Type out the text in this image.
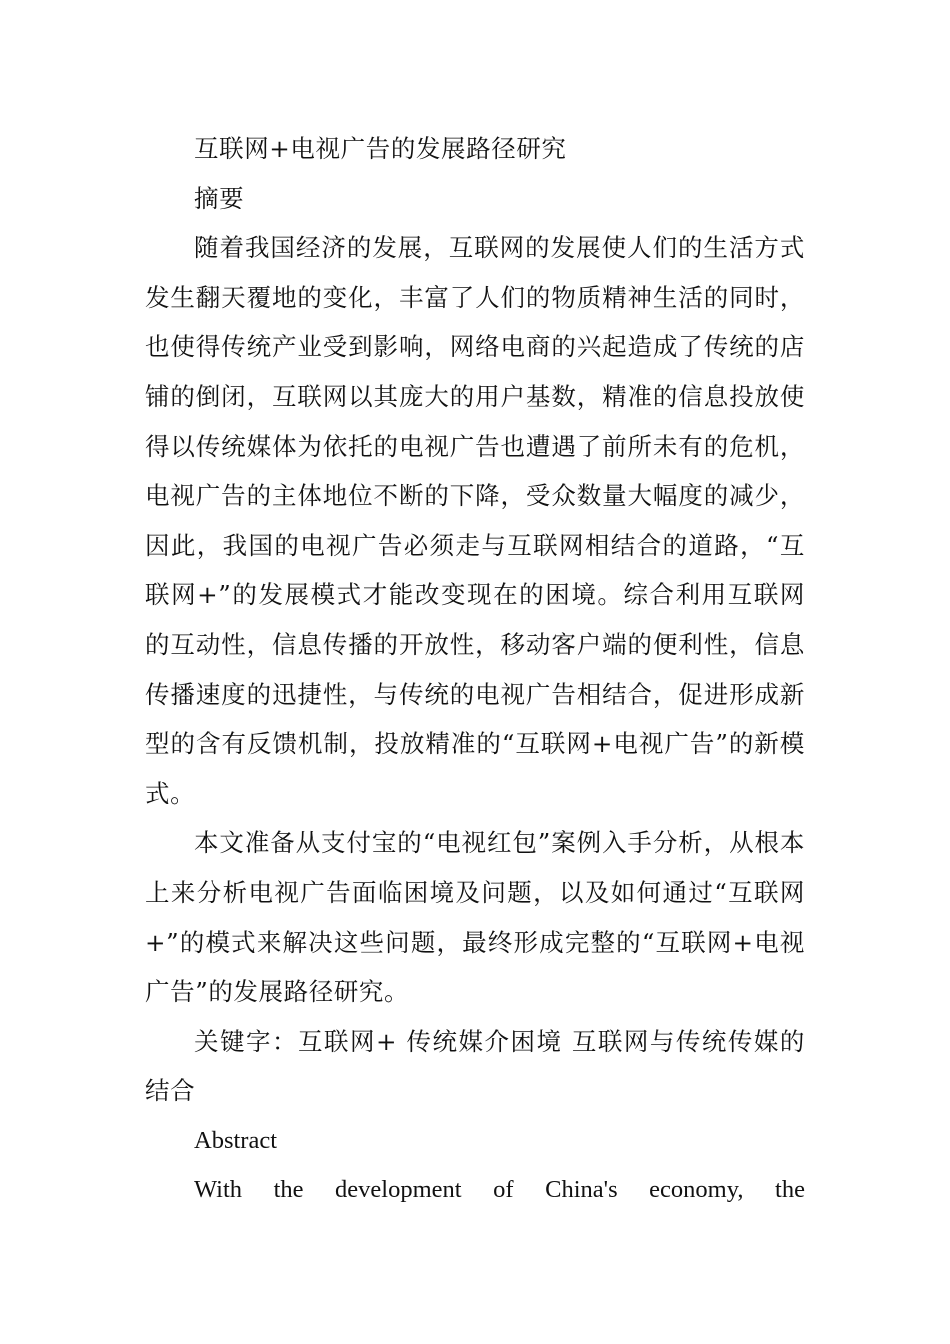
互联网+电视广告的发展路径研究

摘要

随着我国经济的发展，互联网的发展使人们的生活方式发生翻天覆地的变化，丰富了人们的物质精神生活的同时，也使得传统产业受到影响，网络电商的兴起造成了传统的店铺的倒闭，互联网以其庞大的用户基数，精准的信息投放使得以传统媒体为依托的电视广告也遭遇了前所未有的危机，电视广告的主体地位不断的下降，受众数量大幅度的减少，因此，我国的电视广告必须走与互联网相结合的道路，“互联网+”的发展模式才能改变现在的困境。综合利用互联网的互动性，信息传播的开放性，移动客户端的便利性，信息传播速度的迅捷性，与传统的电视广告相结合，促进形成新型的含有反馈机制，投放精准的“互联网+电视广告”的新模式。

本文准备从支付宝的“电视红包”案例入手分析，从根本上来分析电视广告面临困境及问题，以及如何通过“互联网+”的模式来解决这些问题，最终形成完整的“互联网+电视广告”的发展路径研究。

关键字：互联网+ 传统媒介困境 互联网与传统传媒的结合

Abstract

With the development of China's economy, the
